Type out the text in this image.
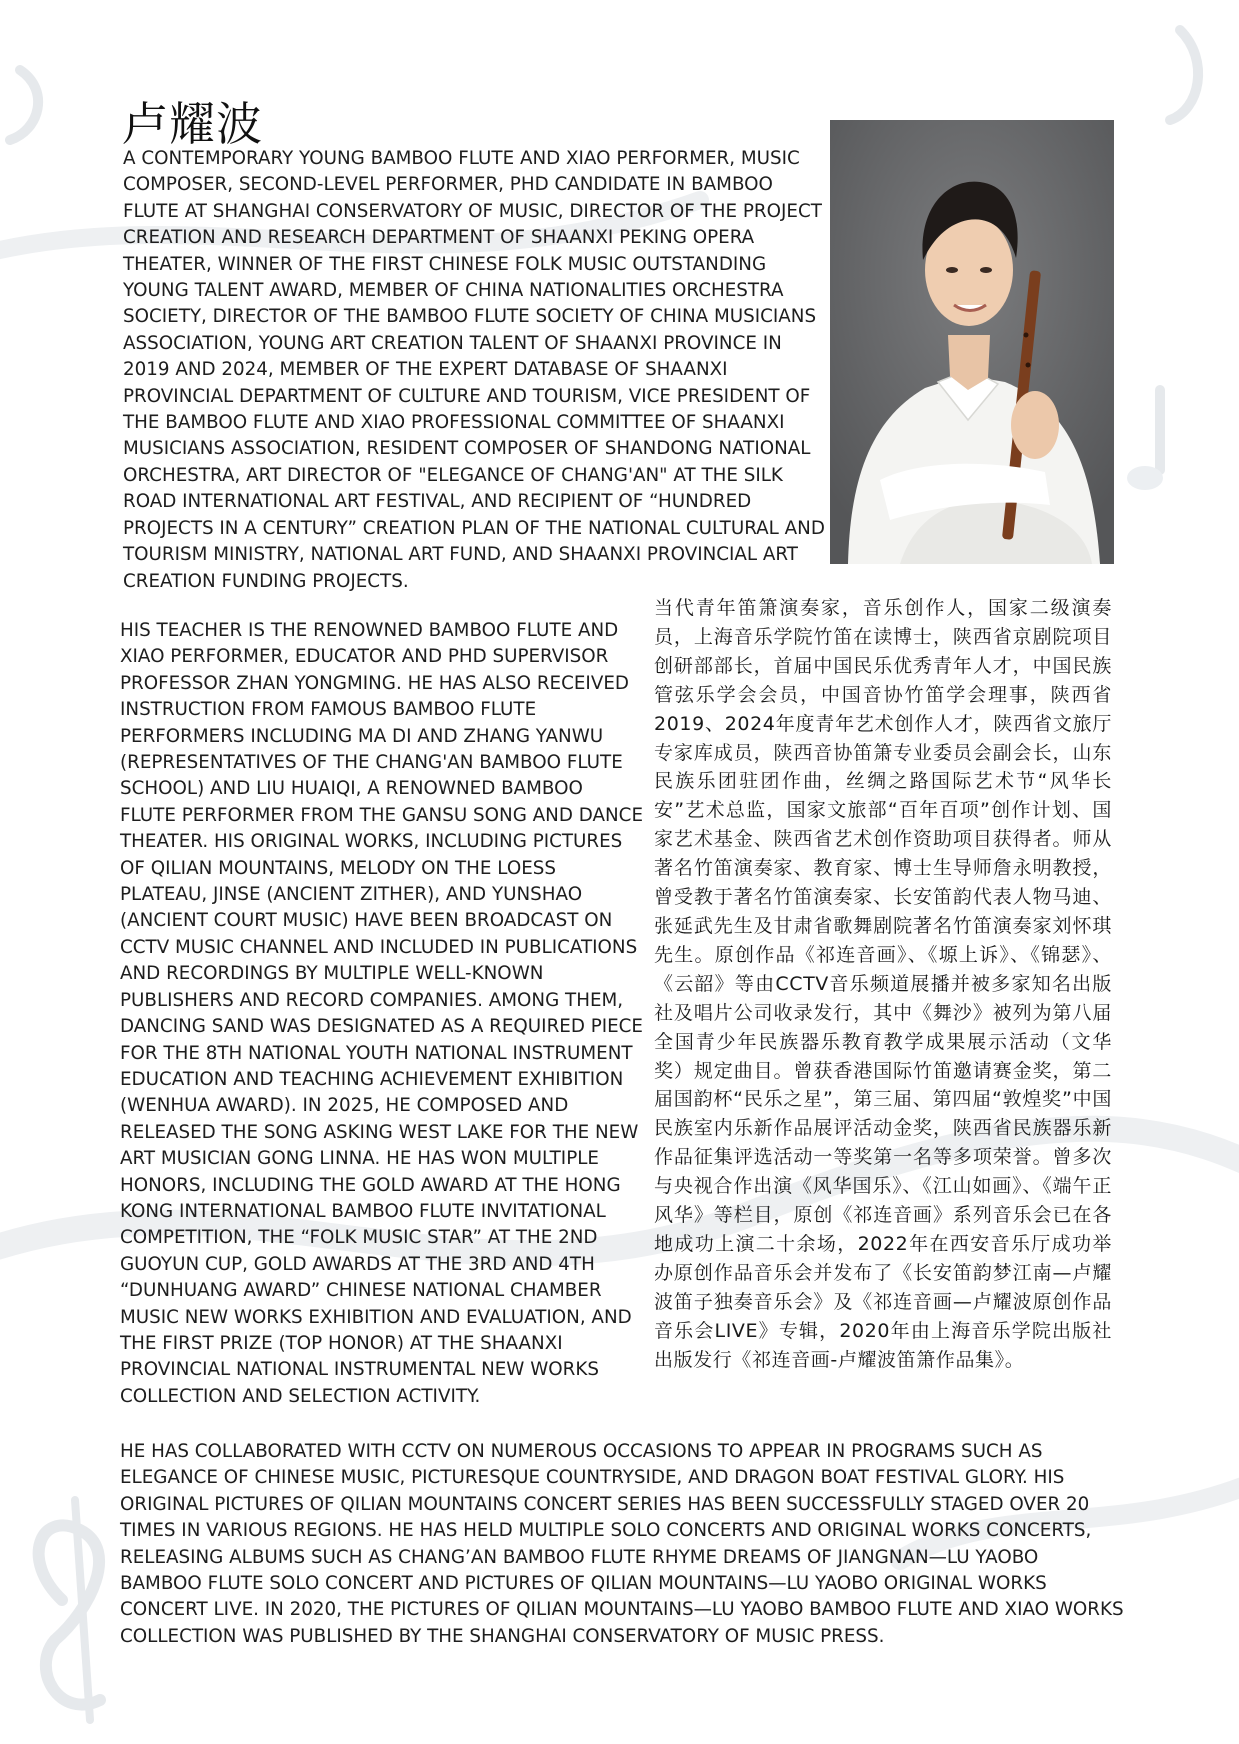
卢耀波

A CONTEMPORARY YOUNG BAMBOO FLUTE AND XIAO PERFORMER, MUSIC COMPOSER, SECOND-LEVEL PERFORMER, PHD CANDIDATE IN BAMBOO FLUTE AT SHANGHAI CONSERVATORY OF MUSIC, DIRECTOR OF THE PROJECT CREATION AND RESEARCH DEPARTMENT OF SHAANXI PEKING OPERA THEATER, WINNER OF THE FIRST CHINESE FOLK MUSIC OUTSTANDING YOUNG TALENT AWARD, MEMBER OF CHINA NATIONALITIES ORCHESTRA SOCIETY, DIRECTOR OF THE BAMBOO FLUTE SOCIETY OF CHINA MUSICIANS ASSOCIATION, YOUNG ART CREATION TALENT OF SHAANXI PROVINCE IN 2019 AND 2024, MEMBER OF THE EXPERT DATABASE OF SHAANXI PROVINCIAL DEPARTMENT OF CULTURE AND TOURISM, VICE PRESIDENT OF THE BAMBOO FLUTE AND XIAO PROFESSIONAL COMMITTEE OF SHAANXI MUSICIANS ASSOCIATION, RESIDENT COMPOSER OF SHANDONG NATIONAL ORCHESTRA, ART DIRECTOR OF "ELEGANCE OF CHANG'AN" AT THE SILK ROAD INTERNATIONAL ART FESTIVAL, AND RECIPIENT OF “HUNDRED PROJECTS IN A CENTURY” CREATION PLAN OF THE NATIONAL CULTURAL AND TOURISM MINISTRY, NATIONAL ART FUND, AND SHAANXI PROVINCIAL ART CREATION FUNDING PROJECTS.

HIS TEACHER IS THE RENOWNED BAMBOO FLUTE AND XIAO PERFORMER, EDUCATOR AND PHD SUPERVISOR PROFESSOR ZHAN YONGMING. HE HAS ALSO RECEIVED INSTRUCTION FROM FAMOUS BAMBOO FLUTE PERFORMERS INCLUDING MA DI AND ZHANG YANWU (REPRESENTATIVES OF THE CHANG'AN BAMBOO FLUTE SCHOOL) AND LIU HUAIQI, A RENOWNED BAMBOO FLUTE PERFORMER FROM THE GANSU SONG AND DANCE THEATER. HIS ORIGINAL WORKS, INCLUDING PICTURES OF QILIAN MOUNTAINS, MELODY ON THE LOESS PLATEAU, JINSE (ANCIENT ZITHER), AND YUNSHAO (ANCIENT COURT MUSIC) HAVE BEEN BROADCAST ON CCTV MUSIC CHANNEL AND INCLUDED IN PUBLICATIONS AND RECORDINGS BY MULTIPLE WELL-KNOWN PUBLISHERS AND RECORD COMPANIES. AMONG THEM, DANCING SAND WAS DESIGNATED AS A REQUIRED PIECE FOR THE 8TH NATIONAL YOUTH NATIONAL INSTRUMENT EDUCATION AND TEACHING ACHIEVEMENT EXHIBITION (WENHUA AWARD). IN 2025, HE COMPOSED AND RELEASED THE SONG ASKING WEST LAKE FOR THE NEW ART MUSICIAN GONG LINNA. HE HAS WON MULTIPLE HONORS, INCLUDING THE GOLD AWARD AT THE HONG KONG INTERNATIONAL BAMBOO FLUTE INVITATIONAL COMPETITION, THE “FOLK MUSIC STAR” AT THE 2ND GUOYUN CUP, GOLD AWARDS AT THE 3RD AND 4TH “DUNHUANG AWARD” CHINESE NATIONAL CHAMBER MUSIC NEW WORKS EXHIBITION AND EVALUATION, AND THE FIRST PRIZE (TOP HONOR) AT THE SHAANXI PROVINCIAL NATIONAL INSTRUMENTAL NEW WORKS COLLECTION AND SELECTION ACTIVITY.

当代青年笛箫演奏家，音乐创作人，国家二级演奏员，上海音乐学院竹笛在读博士，陕西省京剧院项目创研部部长，首届中国民乐优秀青年人才，中国民族管弦乐学会会员，中国音协竹笛学会理事，陕西省2019、2024年度青年艺术创作人才，陕西省文旅厅专家库成员，陕西音协笛箫专业委员会副会长，山东民族乐团驻团作曲，丝绸之路国际艺术节“风华长安”艺术总监，国家文旅部“百年百项”创作计划、国家艺术基金、陕西省艺术创作资助项目获得者。师从著名竹笛演奏家、教育家、博士生导师詹永明教授，曾受教于著名竹笛演奏家、长安笛韵代表人物马迪、张延武先生及甘肃省歌舞剧院著名竹笛演奏家刘怀琪先生。原创作品《祁连音画》、《塬上诉》、《锦瑟》、《云韶》等由CCTV音乐频道展播并被多家知名出版社及唱片公司收录发行，其中《舞沙》被列为第八届全国青少年民族器乐教育教学成果展示活动（文华奖）规定曲目。曾获香港国际竹笛邀请赛金奖，第二届国韵杯“民乐之星”，第三届、第四届“敦煌奖”中国民族室内乐新作品展评活动金奖，陕西省民族器乐新作品征集评选活动一等奖第一名等多项荣誉。曾多次与央视合作出演《风华国乐》、《江山如画》、《端午正风华》等栏目，原创《祁连音画》系列音乐会已在各地成功上演二十余场，2022年在西安音乐厅成功举办原创作品音乐会并发布了《长安笛韵梦江南—卢耀波笛子独奏音乐会》及《祁连音画—卢耀波原创作品音乐会LIVE》专辑，2020年由上海音乐学院出版社出版发行《祁连音画-卢耀波笛箫作品集》。

HE HAS COLLABORATED WITH CCTV ON NUMEROUS OCCASIONS TO APPEAR IN PROGRAMS SUCH AS ELEGANCE OF CHINESE MUSIC, PICTURESQUE COUNTRYSIDE, AND DRAGON BOAT FESTIVAL GLORY. HIS ORIGINAL PICTURES OF QILIAN MOUNTAINS CONCERT SERIES HAS BEEN SUCCESSFULLY STAGED OVER 20 TIMES IN VARIOUS REGIONS. HE HAS HELD MULTIPLE SOLO CONCERTS AND ORIGINAL WORKS CONCERTS, RELEASING ALBUMS SUCH AS CHANG’AN BAMBOO FLUTE RHYME DREAMS OF JIANGNAN—LU YAOBO BAMBOO FLUTE SOLO CONCERT AND PICTURES OF QILIAN MOUNTAINS—LU YAOBO ORIGINAL WORKS CONCERT LIVE. IN 2020, THE PICTURES OF QILIAN MOUNTAINS—LU YAOBO BAMBOO FLUTE AND XIAO WORKS COLLECTION WAS PUBLISHED BY THE SHANGHAI CONSERVATORY OF MUSIC PRESS.
